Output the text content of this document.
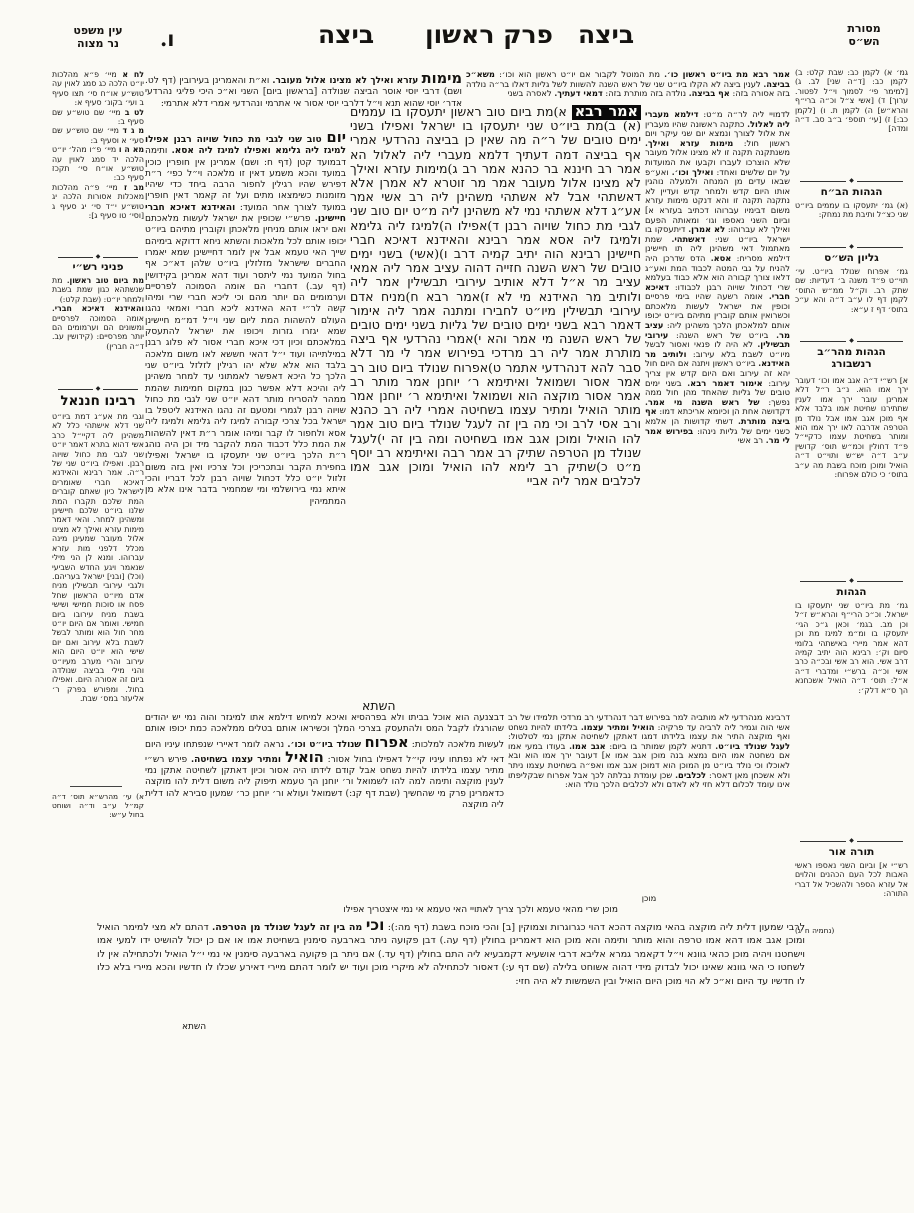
עין משפט
נר מצוה	ו.	ביצה פרק ראשון ביצה	מסורת
הש״ס
לח א מיי׳ פ״א מהלכות יו״ט הלכה כג סמג לאוין עה טוש״ע או״ח סי׳ תצו סעיף ב ועי׳ בקונ׳ סעיף א:
לט ב מיי׳ שם טוש״ע שם סעיף ב:
מ ג ד מיי׳ שם טוש״ע שם סעי׳ א וסעיף ב:
מא ה ו מיי׳ פ״ו מהל׳ יו״ט הלכה יד סמג לאוין עה טוש״ע או״ח סי׳ תקכז סעיף כב:
מב ז מיי׳ פ״ה מהלכות מאכלות אסורות הלכה יג טוש״ע י״ד סי׳ יג סעיף ג [וסי׳ טו סעיף ג]:
◆
פניני רש״י
מת ביום טוב ראשון. מת שנשתהא כגון שמת בשבת ולמחר יו״ט: (שבת קלט:)
והאידנא דאיכא חברי. אומה הסמוכה לפרסיים ומשונים הם וערמומים הם יותר מפרסיים: (קידושין עב. ד״ה חברין)
◆
רבינו חננאל
וגבי מת אע״ג דמת ביו״ט שני דלא אישתהי כלל לא משהינן ליה דקיי״ל כרב אשי דהוא בתרא דאמר יו״ט שני לגבי מת כחול שויוה רבנן. ואפילו ביו״ט שני של ר״ה. אמר רבינא והאידנא דאיכא חברי שאומרים לישראל כיון שאתם קוברים המת שלכם תקברו המת שלנו ביו״ט שלכם חיישינן ומשהינן למחר. והאי דאמר מימות עזרא ואילך לא מצינו אלול מעובר שמעינן מינה מכלל דלפני מות עזרא עברוהו. ומנא לן הני מילי שנאמר ויגע החדש השביעי (וכל) [ובני] ישראל בעריהם. ולגבי עירובי תבשילין מניח אדם מיו״ט הראשון שחל פסח או סוכות חמישי ושישי בשבת מניח עירובו ביום חמישי. ואומר אם היום יו״ט מחר חול הוא ומותר לבשל לשבת בלא עירוב ואם יום שישי הוא יו״ט היום הוא עירוב והרי מערב מעיו״ט והני מילי בביצה שנולדה ביום זה אסורה היום. ואפילו בחול. ומפורש בפרק ר׳ אליעזר במס׳ שבת.
א) עי׳ מהרש״א תוס׳ ד״ה קמ״ל ע״ב וד״ה ושוחט בחול ע״ש:
מימות עזרא ואילך לא מצינו אלול מעובר. וא״ת והאמרינן בעירובין (דף לט. ושם) דרבי יוסי אוסר הביצה שנולדה [בראשון ביום] השני וא״כ היכי פליגי נהרדעי אדר׳ יוסי שהוא תנא וי״ל דלרבי יוסי אסור אי אתרמי ונהרדעי אמרי דלא אתרמי:
יום טוב שני לגבי מת כחול שויוה רבנן אפילו למיגז ליה גלימא ואפילו למיגז ליה אסא. ותימה דבמועד קטן (דף ח: ושם) אמרינן אין חופרין כוכין במועד והכא משמע דאין זו מלאכה וי״ל כפי׳ ר״ת דפירש שהיו רגילין לחפור הרבה ביחד כדי שיהיו מזומנות כשימצאו מתים ועל זה קאמר דאין חופרין במועד לצורך אחר המועד: והאידנא דאיכא חברי חיישינן. פרש״י שכופין את ישראל לעשות מלאכתם ואם יראו אותם מניחין מלאכתן וקוברין מתיהם ביו״ט יכופו אותם לכל מלאכות והשתא ניחא דדוקא בימיהם שייך האי טעמא אבל אין לומר דחיישינן שמא יאמרו החברים שישראל מזלזלין ביו״ט שלהן דא״כ אף בחול המועד נמי ליתסר ועוד דהא אמרינן בקידושין (דף עב.) דחברי הם אומה הסמוכה לפרסיים וערמומים הם יותר מהם וכי ליכא חברי שרי ומיהו קשה לר״י דהא האידנא ליכא חברי ואמאי נהגו העולם להשהות המת ליום שני וי״ל דמ״מ חיישינן שמא יגזרו גזרות ויכופו את ישראל להתעסק במלאכתם וכיון דכי איכא חברי אסור לא פלוג רבנן במילתייהו ועוד י״ל דהאי חששא לאו משום מלאכה בלבד הוא אלא שלא יהו רגילין לזלזל ביו״ט שני הלכך כל היכא דאפשר לאמתוני עד למחר משהינן ליה והיכא דלא אפשר כגון במקום חמימות שהמת ממהר להסריח מותר דהא יו״ט שני לגבי מת כחול שויוה רבנן לגמרי ומטעם זה נהגו האידנא ליטפל בו ישראל בכל צרכי קבורה למיגז ליה גלימא ולמיגז ליה אסא ולחפור לו קבר ומיהו אומר ר״ת דאין להשהות את המת כלל דכבוד המת להקבר מיד וכן היה נוהג ר״ת הלכך ביו״ט שני יתעסקו בו ישראל ואפילו בחפירת הקבר ובתכריכין וכל צרכיו ואין בזה משום זלזול יו״ט כלל דכחול שויוה רבנן לכל דבריו והכי איתא נמי בירושלמי ומי שמחמיר בדבר אינו אלא מן המתמיהין
דבצנעה הוא אוכל בביתו ולא בפרהסיא ואיכא למיחש דילמא אתו למיגזר והוה נמי יש יהודים שהורגלו לקבל המס ולהתעסק בצרכי המלך וכשיראו אותם בטלים ממלאכה כמת יכופו אותם לעשות מלאכה למלכות: אפרוח שנולד ביו״ט וכו׳. נראה לומר דאיירי שנפתחו עיניו היום דאי לא נפתחו עיניו קי״ל דאפילו בחול אסור: הואיל ומתיר עצמו בשחיטה. פירש רש״י מתיר עצמו בלידתו להיות נשחט אבל קודם לידתו היה אסור וכיון דאתקן לשחיטה אתקן נמי לענין מוקצה ותימה למה להו לשמואל ור׳ יוחנן הך טעמא תיפוק ליה משום דלית להו מוקצה כדאמרינן פרק מי שהחשיך (שבת דף קנ:) דשמואל ועולא ור׳ יוחנן כר׳ שמעון סבירא להו דלית ליה מוקצה
אמר רבא א)מת ביום טוב ראשון יתעסקו בו עממים (א) ב)מת ביו״ט שני יתעסקו בו ישראל ואפילו בשני ימים טובים של ר״ה מה שאין כן בביצה נהרדעי אמרי אף בביצה דמה דעתיך דלמא מעברי ליה לאלול הא אמר רב חיננא בר כהנא אמר רב ג)מימות עזרא ואילך לא מצינו אלול מעובר אמר מר זוטרא לא אמרן אלא דאשתהי אבל לא אשתהי משהינן ליה רב אשי אמר אע״ג דלא אשתהי נמי לא משהינן ליה מ״ט יום טוב שני לגבי מת כחול שויוה רבנן ד)אפילו ה)למיגז ליה גלימא ולמיגז ליה אסא אמר רבינא והאידנא דאיכא חברי חיישינן רבינא הוה יתיב קמיה דרב ו)(אשי) בשני ימים טובים של ראש השנה חזייה דהוה עציב אמר ליה אמאי עציב מר א״ל דלא אותיב עירובי תבשילין אמר ליה ולותיב מר האידנא מי לא ז)אמר רבא ח)מניח אדם עירובי תבשילין מיו״ט לחבירו ומתנה אמר ליה אימור דאמר רבא בשני ימים טובים של גליות בשני ימים טובים של ראש השנה מי אמר והא י)אמרי נהרדעי אף ביצה מותרת אמר ליה רב מרדכי בפירוש אמר לי מר דלא סבר להא דנהרדעי אתמר ט)אפרוח שנולד ביום טוב רב אמר אסור ושמואל ואיתימא ר׳ יוחנן אמר מותר רב אמר אסור מוקצה הוא ושמואל ואיתימא ר׳ יוחנן אמר מותר הואיל ומתיר עצמו בשחיטה אמרי ליה רב כהנא ורב אסי לרב וכי מה בין זה לעגל שנולד ביום טוב אמר להו הואיל ומוכן אגב אמו בשחיטה ומה בין זה י)לעגל שנולד מן הטרפה שתיק רב אמר רבה ואיתימא רב יוסף מ״ט כ)שתיק רב לימא להו הואיל ומוכן אגב אמו לכלבים אמר ליה אביי
השתא
אמר רבא מת ביו״ט ראשון כו׳. מת המוטל לקבור אם יו״ט ראשון הוא וכו׳: משא״כ בביצה. לענין ביצה לא הקלו ביו״ט שני של ראש השנה להשוות לשל גליות דאלו בר״ה נולדה בזה אסורה בזה: אף בביצה. נולדה בזה מותרת בזה: דמאי דעתיך. לאסרה בשני
לדמויי ליה לר״ה מ״ט: דילמא מעברי ליה לאלול. כתקנה ראשונה שהיו מעברין את אלול לצורך ונמצא יום שני עיקר ויום ראשון חול: מימות עזרא ואילך. משנתקנה תקנה זו לא מצינו אלול מעובר שלא הוצרכו לעברו וקבעו את המועדות על יום שלשים ואחד: ואילך וכו׳. ואע״פ שבאו עדים מן המנחה ולמעלה נוהגין אותו היום קדש ולמחר קדש ועדיין לא נתקנה תקנה זו והא דנקט מימות עזרא משום דבימיו עברוהו דכתיב בעזרא א] וביום השני נאספו וגו׳ ומאותה הפעם ואילך לא עברוהו: לא אמרן. דיתעסקו בו ישראל ביו״ט שני: דאשתהי. שמת מאתמול דאי משהינן ליה תו חיישינן דילמא מסריח: אסא. הדס שדרכן היה להניח על גבי המטה לכבוד המת ואע״ג דלאו צורך קבורה הוא אלא כבוד בעלמא שרי דכחול שויוה רבנן לכבודו: דאיכא חברי. אומה רשעה שהיו בימי פרסיים וכופין את ישראל לעשות מלאכתם וכשרואין אותם קוברין מתיהם ביו״ט יכופו אותם למלאכתן הלכך משהינן ליה: עציב מר. ביו״ט של ראש השנה: עירובי תבשילין. לא היה לו פנאי ואסור לבשל מיו״ט לשבת בלא עירוב: ולותיב מר האידנא. ביו״ט ראשון ויתנה אם היום חול יהא זה עירוב ואם היום קדש אין צריך עירוב: אימור דאמר רבא. בשני ימים טובים של גליות שהאחד מהן חול ממה נפשך: של ראש השנה מי אמר. דקדושה אחת הן וכיומא אריכתא דמו: אף ביצה מותרת. דשתי קדושות הן אלמא כשני ימים של גליות נינהו: בפירוש אמר לי מר. רב אשי
דרבינא מנהרדעי לא מותביה למר בפירוש דבר דנהרדעי רב מרדכי תלמידו של רב אשי הוה וגמיר ליה לרביה עד פרקיה: הואיל ומתיר עצמו. בלידתו להיות נשחט ואף מוקצה התיר את עצמו בלידתו דמגו דאתקן לשחיטה אתקן נמי לטלטול: לעגל שנולד ביו״ט. דתניא לקמן שמותר בו ביום: אגב אמו. בעודו במעי אמו אם נשחטה אמו היום נמצא בנה מוכן אגב אמו א] דעובר ירך אמו הוא ובא לאוכלו וכי נולד ביו״ט מן המוכן הוא דמוכן אגב אמו ואפ״ה בשחיטת עצמו ניתר ולא אשכחן מאן דאסר: לכלבים. שכן עומדת נבלתה לכך אבל אפרוח שבקליפתו אינו עומד לכלום דלא חזי לא לאדם ולא לכלבים הלכך נולד הוא:
מוכן
מוכן שרי מהאי טעמא ולכך צריך לאתויי האי טעמא אי נמי איצטריך אפילו
לרבי שמעון דלית ליה מוקצה בהאי מוקצה דהכא דהוי כגרוגרות וצמוקין [ב] והכי מוכח בשבת (דף מה:): וכי מה בין זה לעגל שנולד מן הטרפה. דהתם לא מצי למימר הואיל ומוכן אגב אמו דהא אמו טרפה והוא מותר ותימה והא מוכן הוא דאמרינן בחולין (דף עה.) דבן פקועה ניתר בארבעה סימנין בשחיטת אמו או אם כן יכול להושיט ידו למעי אמו וישחטנו ויהיה מוכן כהאי גוונא וי״ל דקאמר גמרא אליבא דרבי אושעיא דקמבעיא ליה התם בחולין (דף עד.) אם ניתר בן פקועה בארבעה סימנין אי נמי י״ל הואיל ולכתחילה אין לו לשחטו כי האי גוונא שאינו יכול לבדוק מידי דהוה אשוחט בלילה (שם דף ע:) דאסור לכתחילה לא מיקרי מוכן ועוד יש לומר דהתם מיירי דאירע שכלו לו חדשיו והכא מיירי בלא כלו לו חדשיו עד היום וא״כ לא הוי מוכן היום הואיל ובין השמשות לא היה חזי:
השתא
גמ׳ א) לקמן כב: שבת קלט: ב) לקמן כב: [ד״ה שני] לב. ג) [למימר פי׳ לסמוך וי״ל לפטור. ערוך] ד) [אשי צ״ל וכ״ה ברי״ף והרא״ש] ה) לקמן ת. ו) [לקמן כב:] ז) [עי׳ תוספ׳ ב״ב סב. ד״ה ומדה]
◆
הגהות הב״ח
(א) גמ׳ יתעסקו בו עממים ביו״ט שני כצ״ל ותיבת מת נמחק:
◆
גליון הש״ס
גמ׳ אפרוח שנולד ביו״ט. עי׳ תוי״ט פ״ד משנה ב׳ דעדיות: שם שתק רב. וק״ל ממ״ש התוס׳ לקמן דף לו ע״ב ד״ה והא ע״כ בתוס׳ דף ז ע״א:
◆
הגהות מהר״ב
רנשבורג
א] רש״י ד״ה אגב אמו וכו׳ דעובר ירך אמו הוא. נ״ב ר״ל דלא אמרינן עובר ירך אמו לענין שתתירנו שחיטת אמו בלבד אלא אף מוכן אגב אמו אבל נולד מן הטרפה אדרבה לאו ירך אמו הוא ומותר בשחיטת עצמו כדקיי״ל פ״ד דחולין וכמ״ש תוס׳ קדושין ע״ב ד״ה יש״ש ותוי״ט ד״ה הואיל ומוכן מוכח בשבת מה ע״ב בתוס׳ כי כולם אפרוח:
◆
הגהות
גמ׳ מת ביו״ט שני יתעסקו בו ישראל. וכ״כ הרי״ף והרא״ש ז״ל וכן מב. בגמ׳ וכאן ג״כ הגי׳ יתעסקו בו ומ״מ למיגז מת וכן דהא אמר מיירי באישתהי בלומי סיום וק׳: רבינא הוה יתיב קמיה דרב אשי. הוא רב אשי ובכ״ה כרב אשי וכ״ה ברש״י ומדברי ד״ה א״ל: תוס׳ ד״ה הואיל אשכחנא הך ס״א דלק׳:
◆
תורה אור
רש״י א] וביום השני נאספו ראשי האבות לכל העם הכהנים והלוים אל עזרא הספר ולהשכיל אל דברי התורה:
(נחמיה ח יג)
